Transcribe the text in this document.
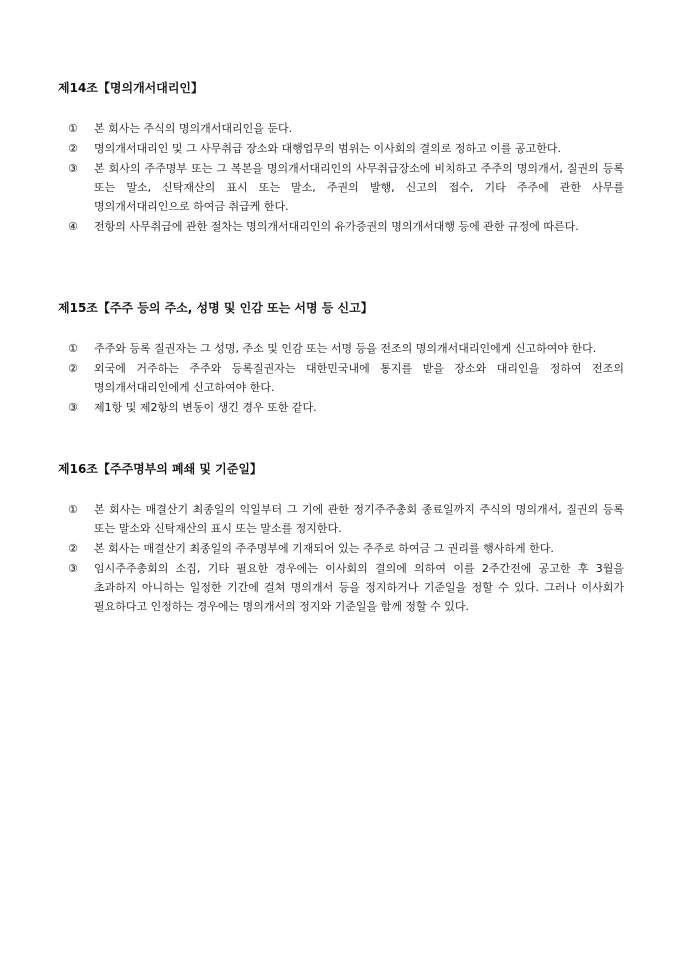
제14조【명의개서대리인】
①	본 회사는 주식의 명의개서대리인을 둔다.
②	명의개서대리인 및 그 사무취급 장소와 대행업무의 범위는 이사회의 결의로 정하고 이를 공고한다.
③	본 회사의 주주명부 또는 그 복본을 명의개서대리인의 사무취급장소에 비치하고 주주의 명의개서, 질권의 등록 또는 말소, 신탁재산의 표시 또는 말소, 주권의 발행, 신고의 접수, 기타 주주에 관한 사무를 명의개서대리인으로 하여금 취급케 한다.
④	전항의 사무취급에 관한 절차는 명의개서대리인의 유가증권의 명의개서대행 등에 관한 규정에 따른다.
제15조【주주 등의 주소, 성명 및 인감 또는 서명 등 신고】
①	주주와 등록 질권자는 그 성명, 주소 및 인감 또는 서명 등을 전조의 명의개서대리인에게 신고하여야 한다.
②	외국에 거주하는 주주와 등록질권자는 대한민국내에 통지를 받을 장소와 대리인을 정하여 전조의 명의개서대리인에게 신고하여야 한다.
③	제1항 및 제2항의 변동이 생긴 경우 또한 같다.
제16조【주주명부의 폐쇄 및 기준일】
①	본 회사는 매결산기 최종일의 익일부터 그 기에 관한 정기주주총회 종료일까지 주식의 명의개서, 질권의 등록 또는 말소와 신탁재산의 표시 또는 말소를 정지한다.
②	본 회사는 매결산기 최종일의 주주명부에 기재되어 있는 주주로 하여금 그 권리를 행사하게 한다.
③	임시주주총회의 소집, 기타 필요한 경우에는 이사회의 결의에 의하여 이를 2주간전에 공고한 후 3월을 초과하지 아니하는 일정한 기간에 걸쳐 명의개서 등을 정지하거나 기준일을 정할 수 있다. 그러나 이사회가 필요하다고 인정하는 경우에는 명의개서의 정지와 기준일을 함께 정할 수 있다.
